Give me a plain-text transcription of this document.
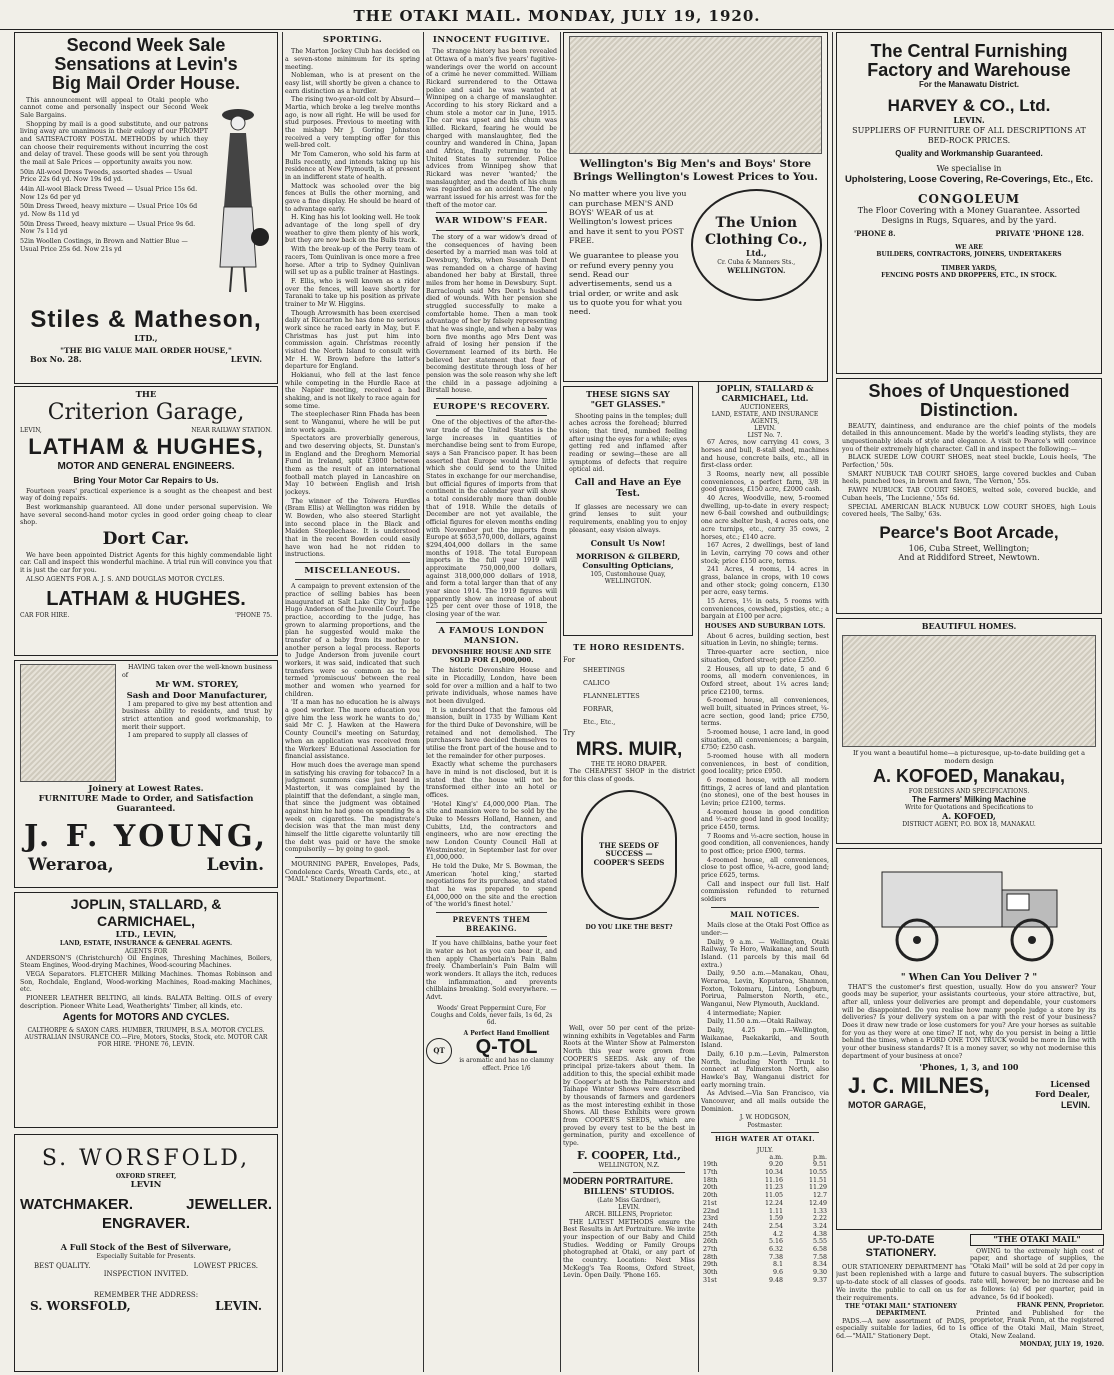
THE OTAKI MAIL. MONDAY, JULY 19, 1920.
Second Week Sale
Sensations at Levin's
Big Mail Order House.

This announcement will appeal to Otaki people who cannot come and personally inspect our Second Week Sale Bargains.

Shopping by mail is a good substitute, and our patrons living away are unanimous in their eulogy of our PROMPT and SATISFACTORY POSTAL METHODS by which they can choose their requirements without incurring the cost and delay of travel. These goods will be sent you through the mail at Sale Prices — opportunity awaits you now.

50in All-wool Dress Tweeds, assorted shades — Usual Price 22s 6d yd. Now 19s 6d yd.
44in All-wool Black Dress Tweed — Usual Price 15s 6d. Now 12s 6d per yd
50in Dress Tweed, heavy mixture — Usual Price 10s 6d yd. Now 8s 11d yd
50in Dress Tweed, heavy mixture — Usual Price 9s 6d. Now 7s 11d yd
52in Woollen Costings, in Brown and Nattier Blue — Usual Price 25s 6d. Now 21s yd
Stiles & Matheson,
LTD.,
"THE BIG VALUE MAIL ORDER HOUSE,"
Box No. 28.	LEVIN.
THE
Criterion Garage,
LEVIN,	NEAR RAILWAY STATION.
LATHAM & HUGHES,
MOTOR AND GENERAL ENGINEERS.
Bring Your Motor Car Repairs to Us.

Fourteen years' practical experience is a sought as the cheapest and best way of doing repairs.

Best workmanship guaranteed. All done under personal supervision. We have several second-hand motor cycles in good order going cheap to clear shop.

Dort Car.

We have been appointed District Agents for this highly commendable light car. Call and inspect this wonderful machine. A trial run will convince you that it is just the car for you.

ALSO AGENTS FOR A. J. S. AND DOUGLAS MOTOR CYCLES.

LATHAM & HUGHES.
CAR FOR HIRE.	'PHONE 75.

HAVING taken over the well-known business of

Mr WM. STOREY,
Sash and Door Manufacturer,

I am prepared to give my best attention and business ability to residents, and trust by strict attention and good workmanship, to merit their support.

I am prepared to supply all classes of

Joinery at Lowest Rates.
FURNITURE Made to Order, and Satisfaction Guaranteed.
J. F. YOUNG,
Weraroa,	Levin.
JOPLIN, STALLARD, & CARMICHAEL,
LTD., LEVIN,
LAND, ESTATE, INSURANCE & GENERAL AGENTS.
AGENTS FOR

ANDERSON'S (Christchurch) Oil Engines, Threshing Machines, Boilers, Steam Engines, Wood-drying Machines, Wood-scouring Machines.

VEGA Separators. FLETCHER Milking Machines. Thomas Robinson and Son, Rochdale, England, Wood-working Machines, Road-making Machines, etc.

PIONEER LEATHER BELTING, all kinds. BALATA Belting. OILS of every description. Pioneer White Lead, Weatherights' Timber, all kinds, etc.

Agents for MOTORS AND CYCLES.
CALTHORPE & SAXON CARS. HUMBER, TRIUMPH, B.S.A. MOTOR CYCLES.
AUSTRALIAN INSURANCE CO.—Fire, Motors, Stocks, Stock, etc. MOTOR CAR FOR HIRE. 'PHONE 76, LEVIN.
S. WORSFOLD,
OXFORD STREET,
LEVIN
WATCHMAKER.	JEWELLER.
ENGRAVER.
A Full Stock of the Best of Silverware,
Especially Suitable for Presents.
BEST QUALITY.	LOWEST PRICES.
INSPECTION INVITED.
REMEMBER THE ADDRESS:
S. WORSFOLD,	LEVIN.
SPORTING.

The Marton Jockey Club has decided on a seven-stone minimum for its spring meeting.

Nobleman, who is at present on the easy list, will shortly be given a chance to earn distinction as a hurdler.

The rising two-year-old colt by Absurd—Martia, which broke a leg twelve months ago, is now all right. He will be used for stud purposes. Previous to meeting with the mishap Mr J. Goring Johnston received a very tempting offer for this well-bred colt.

Mr Tom Cameron, who sold his farm at Bulls recently, and intends taking up his residence at New Plymouth, is at present in an indifferent state of health.

Mattock was schooled over the big fences at Bulls the other morning, and gave a fine display. He should be heard of to advantage early.

H. King has his lot looking well. He took advantage of the long spell of dry weather to give them plenty of his work, but they are now back on the Bulls track.

With the break-up of the Perry team of racers, Tom Quinlivan is once more a free horse. After a trip to Sydney Quinlivan will set up as a public trainer at Hastings.

F. Ellis, who is well known as a rider over the fences, will leave shortly for Taranaki to take up his position as private trainer to Mr W. Higgins.

Though Arrowsmith has been exercised daily at Riccarton he has done no serious work since he raced early in May, but F. Christmas has just put him into commission again. Christmas recently visited the North Island to consult with Mr H. W. Brown before the latter's departure for England.

Hokianui, who fell at the last fence while competing in the Hurdle Race at the Napier meeting, received a bad shaking, and is not likely to race again for some time.

The steeplechaser Rinn Fhada has been sent to Wanganui, where he will be put into work again.

Spectators are proverbially generous, and two deserving objects, St. Dunstan's in England and the Dreghorn Memorial Fund in Ireland, split £3000 between them as the result of an international football match played in Lancashire on May 10 between English and Irish jockeys.

The winner of the Toiwera Hurdles (Bram Ellis) at Wellington was ridden by W. Bowden, who also steered Starlight into second place in the Black and Maiden Steeplechase. It is understood that in the recent Bowden could easily have won had he not ridden to instructions.

MISCELLANEOUS.

A campaign to prevent extension of the practice of selling babies has been inaugurated at Salt Lake City by Judge Hugo Anderson of the Juvenile Court. The practice, according to the judge, has grown to alarming proportions, and the plan he suggested would make the transfer of a baby from its mother to another person a legal process. Reports to Judge Anderson from juvenile court workers, it was said, indicated that such transfers were so common as to be termed 'promiscuous' between the real mother and women who yearned for children.

'If a man has no education he is always a good worker. The more education you give him the less work he wants to do,' said Mr C. J. Hawken at the Hawera County Council's meeting on Saturday, when an application was received from the Workers' Educational Association for financial assistance.

How much does the average man spend in satisfying his craving for tobacco? In a judgment summons case just heard in Masterton, it was complained by the plaintiff that the defendant, a single man, that since the judgment was obtained against him he had gone on spending 9s a week on cigarettes. The magistrate's decision was that the man must deny himself the little cigarette voluntarily till the debt was paid or have the smoke compulsorily — by going to gaol.

MOURNING PAPER, Envelopes, Pads, Condolence Cards, Wreath Cards, etc., at "MAIL" Stationery Department.

INNOCENT FUGITIVE.

The strange history has been revealed at Ottawa of a man's five years' fugitive-wanderings over the world on account of a crime he never committed. William Rickard surrendered to the Ottawa police and said he was wanted at Winnipeg on a charge of manslaughter. According to his story Rickard and a chum stole a motor car in June, 1915. The car was upset and his chum was killed. Rickard, fearing he would be charged with manslaughter, fled the country and wandered in China, Japan and Africa, finally returning to the United States to surrender. Police advices from Winnipeg show that Rickard was never 'wanted;' the manslaughter, and the death of his chum was regarded as an accident. The only warrant issued for his arrest was for the theft of the motor car.

WAR WIDOW'S FEAR.

The story of a war widow's dread of the consequences of having been deserted by a married man was told at Dewsbury, Yorks, when Susannah Dent was remanded on a charge of having abandoned her baby at Birstall, three miles from her home in Dewsbury. Supt. Barraclough said Mrs Dent's husband died of wounds. With her pension she struggled successfully to make a comfortable home. Then a man took advantage of her by falsely representing that he was single, and when a baby was born five months ago Mrs Dent was afraid of losing her pension if the Government learned of its birth. He believed her statement that fear of becoming destitute through loss of her pension was the sole reason why she left the child in a passage adjoining a Birstall house.

EUROPE'S RECOVERY.

One of the objectives of the after-the-war trade of the United States is the large increases in quantities of merchandise being sent to from Europe, says a San Francisco paper. It has been asserted that Europe would have little which she could send to the United States in exchange for our merchandise, but official figures of imports from that continent in the calendar year will show a total considerably more than double that of 1918. While the details of December are not yet available, the official figures for eleven months ending with November put the imports from Europe at $653,570,000, dollars, against $294,404,000 dollars in the same months of 1918. The total European imports in the full year 1919 will approximate 750,000,000 dollars, against 318,000,000 dollars of 1918, and form a total larger than that of any year since 1914. The 1919 figures will apparently show an increase of about 125 per cent over those of 1918, the closing year of the war.

A FAMOUS LONDON MANSION.
DEVONSHIRE HOUSE AND SITE SOLD FOR £1,000,000.

The historic Devonshire House and site in Piccadilly, London, have been sold for over a million and a half to two private individuals, whose names have not been divulged.

It is understood that the famous old mansion, built in 1735 by William Kent for the third Duke of Devonshire, will be retained and not demolished. The purchasers have decided themselves to utilise the front part of the house and to let the remainder for other purposes.

Exactly what scheme the purchasers have in mind is not disclosed, but it is stated that the house will not be transformed either into an hotel or offices.

'Hotel King's' £4,000,000 Plan. The site and mansion were to be sold by the Duke to Messrs Holland, Hannen, and Cubitts, Ltd, the contractors and engineers, who are now erecting the new London County Council Hall at Westminster, in September last for over £1,000,000.

He told the Duke, Mr S. Bowman, the American 'hotel king,' started negotiations for its purchase, and stated that he was prepared to spend £4,000,000 on the site and the erection of 'the world's finest hotel.'

PREVENTS THEM BREAKING.

If you have chilblains, bathe your feet in water as hot as you can bear it, and then apply Chamberlain's Pain Balm freely. Chamberlain's Pain Balm will work wonders. It allays the itch, reduces the inflammation, and prevents chilblains breaking. Sold everywhere. —Advt.

Woods' Great Peppermint Cure, For Coughs and Colds, never fails, 1s 6d, 2s 6d.
QT
A Perfect Hand Emollient
Q-TOL
is aromatic and has no clammy effect. Price 1/6
Wellington's Big Men's and Boys' Store Brings Wellington's Lowest Prices to You.
No matter where you live you can purchase MEN'S AND BOYS' WEAR of us at Wellington's lowest prices and have it sent to you POST FREE.
We guarantee to please you or refund every penny you send. Read our advertisements, send us a trial order, or write and ask us to quote you for what you need.
The Union
Clothing Co.,
Ltd.,
Cr. Cuba & Manners Sts.,
WELLINGTON.
THESE SIGNS SAY
"GET GLASSES."

Shooting pains in the temples; dull aches across the forehead; blurred vision; that tired, numbed feeling after using the eyes for a while; eyes getting red and inflamed after reading or sewing—these are all symptoms of defects that require optical aid.

Call and Have an Eye Test.

If glasses are necessary we can grind lenses to suit your requirements, enabling you to enjoy pleasant, easy vision always.

Consult Us Now!
MORRISON & GILBERD,
Consulting Opticians,
105, Customhouse Quay, WELLINGTON.
TE HORO RESIDENTS.
For
SHEETINGS
CALICO
FLANNELETTES
FORFAR,
Etc., Etc.,
Try
MRS. MUIR,
THE TE HORO DRAPER.

The CHEAPEST SHOP in the district for this class of goods.

THE SEEDS OF SUCCESS — COOPER'S SEEDS
DO YOU LIKE THE BEST?

Well, over 50 per cent of the prize-winning exhibits in Vegetables and Farm Roots at the Winter Show at Palmerston North this year were grown from COOPER'S SEEDS. Ask any of the principal prize-takers about them. In addition to this, the special exhibit made by Cooper's at both the Palmerston and Taihape Winter Shows were described by thousands of farmers and gardeners as the most interesting exhibit in those Shows. All these Exhibits were grown from COOPER'S SEEDS, which are proved by every test to be the best in germination, purity and excellence of type.

F. COOPER, Ltd.,
WELLINGTON, N.Z.
MODERN PORTRAITURE.
BILLENS' STUDIOS.
(Late Miss Gardner),
LEVIN.
ARCH. BILLENS, Proprietor.

THE LATEST METHODS ensure the Best Results in Art Portraiture. We invite your inspection of our Baby and Child Studies. Wedding or Family Groups photographed at Otaki, or any part of the country. Location: Next Miss McKegg's Tea Rooms, Oxford Street, Levin. Open Daily. 'Phone 165.

JOPLIN, STALLARD & CARMICHAEL, Ltd.
AUCTIONEERS,
LAND, ESTATE, AND INSURANCE AGENTS,
LEVIN.
LIST No. 7.

67 Acres, now carrying 41 cows, 3 horses and bull, 8-stall shed, machines and house, concrete bails, etc., all in first-class order.

3 Rooms, nearly new, all possible conveniences, a perfect farm, 3/8 in good grasses, £150 acre, £2000 cash.

40 Acres, Woodville, new, 5-roomed dwelling, up-to-date in every respect; new 6-bail cowshed and outbuildings; one acre shelter bush, 4 acres oats, one acre turnips, etc., carry 35 cows, 2 horses, etc.; £140 acre.

167 Acres, 2 dwellings, best of land in Levin, carrying 70 cows and other stock; price £150 acre, terms.

241 Acres, 4 rooms, 14 acres in grass, balance in crops, with 10 cows and other stock; going concern, £130 per acre, easy terms.

15 Acres, 1½ in oats, 5 rooms with conveniences, cowshed, pigsties, etc.; a bargain at £100 per acre.

HOUSES AND SUBURBAN LOTS.

About 6 acres, building section, best situation in Levin, no shingle; terms.

Three-quarter acre section, nice situation, Oxford street; price £250.

2 Houses, all up to date, 5 and 6 rooms, all modern conveniences, in Oxford street, about 1¼ acres land; price £2100, terms.

6-roomed house, all conveniences, well built, situated in Princes street, ¼-acre section, good land; price £750, terms.

5-roomed house, 1 acre land, in good situation, all conveniences; a bargain, £750; £250 cash.

5-roomed house with all modern conveniences, in best of condition, good locality; price £950.

6 roomed house, with all modern fittings, 2 acres of land and plantation (no stones), one of the best houses in Levin; price £2100, terms.

4-roomed house in good condition and ½-acre good land in good locality; price £450, terms.

7 Rooms and ½-acre section, house in good condition, all conveniences, handy to post office; price £900, terms.

4-roomed house, all conveniences, close to post office, ¼-acre, good land; price £625, terms.

Call and inspect our full list. Half commission refunded to returned soldiers

MAIL NOTICES.

Mails close at the Otaki Post Office as under:—

Daily, 9 a.m. — Wellington, Otaki Railway, Te Horo, Waikanae, and South Island. (11 parcels by this mail 6d extra.)

Daily, 9.50 a.m.—Manakau, Ohau, Weraroa, Levin, Koputaroa, Shannon, Foxton, Tokomaru, Linton, Longburn, Porirua, Palmerston North, etc., Wanganui, New Plymouth, Auckland.

4 intermediate; Napier.

Daily, 11.50 a.m.—Otaki Railway.

Daily, 4.25 p.m.—Wellington, Waikanae, Paekakariki, and South Island.

Daily, 6.10 p.m.—Levin, Palmerston North, including North Trunk to connect at Palmerston North, also Hawke's Bay, Wanganui district for early morning train.

As Advised.—Via San Francisco, via Vancouver, and all mails outside the Dominion.

J. W. HODGSON,
Postmaster.
HIGH WATER AT OTAKI.
JULY.
	a.m.	p.m.
19th	9.20	9.51
17th	10.34	10.55
18th	11.16	11.51
20th	11.23	11.29
20th	11.05	12.7
21st	12.24	12.49
22nd	1.11	1.33
23rd	1.59	2.22
24th	2.54	3.24
25th	4.2	4.38
26th	5.16	5.55
27th	6.32	6.58
28th	7.38	7.58
29th	8.1	8.34
30th	9.6	9.30
31st	9.48	9.37
The Central Furnishing
Factory and Warehouse
For the Manawatu District.
HARVEY & CO., Ltd.
LEVIN.
SUPPLIERS OF FURNITURE OF ALL DESCRIPTIONS AT BED-ROCK PRICES.
Quality and Workmanship Guaranteed.
We specialise in
Upholstering, Loose Covering, Re-Coverings, Etc., Etc.
CONGOLEUM
The Floor Covering with a Money Guarantee. Assorted Designs in Rugs, Squares, and by the yard.
'PHONE 8.	PRIVATE 'PHONE 128.
WE ARE
BUILDERS, CONTRACTORS, JOINERS, UNDERTAKERS
TIMBER YARDS,
FENCING POSTS AND DROPPERS, ETC., IN STOCK.
Shoes of Unquestioned
Distinction.

BEAUTY, daintiness, and endurance are the chief points of the models detailed in this announcement. Made by the world's leading stylists, they are unquestionably ideals of style and elegance. A visit to Pearce's will convince you of their extremely high character. Call in and inspect the following:—

BLACK SUEDE LOW COURT SHOES, neat steel buckle, Louis heels, 'The Perfection,' 50s.

SMART NUBUCK TAB COURT SHOES, large covered buckles and Cuban heels, punched toes, in brown and fawn, 'The Vernon,' 55s.

FAWN NUBUCK TAB COURT SHOES, welted sole, covered buckle, and Cuban heels, 'The Lucienne,' 55s 6d.

SPECIAL AMERICAN BLACK NUBUCK LOW COURT SHOES, high Louis covered heels, 'The Salby,' 63s.

Pearce's Boot Arcade,
106, Cuba Street, Wellington;
And at Riddiford Street, Newtown.
BEAUTIFUL HOMES.
If you want a beautiful home—a picturesque, up-to-date building get a modern design
A. KOFOED, Manakau,
FOR DESIGNS AND SPECIFICATIONS.
The Farmers' Milking Machine
Write for Quotations and Specifications to
A. KOFOED,
DISTRICT AGENT, P.O. BOX 18, MANAKAU.
" When Can You Deliver ? "

THAT'S the customer's first question, usually. How do you answer? Your goods may be superior, your assistants courteous, your store attractive, but, after all, unless your deliveries are prompt and dependable, your customers will be disappointed. Do you realise how many people judge a store by its deliveries? Is your delivery system on a par with the rest of your business? Does it draw new trade or lose customers for you? Are your horses as suitable for you as they were at one time? If not, why do you persist in being a little behind the times, when a FORD ONE TON TRUCK would be more in line with your other business standards? It is a money saver, so why not modernise this department of your business at once?

'Phones, 1, 3, and 100
J. C. MILNES,	Licensed
Ford Dealer,
MOTOR GARAGE,	LEVIN.
UP-TO-DATE
STATIONERY.

OUR STATIONERY DEPARTMENT has just been replenished with a large and up-to-date stock of all classes of goods. We invite the public to call on us for their requirements.

THE "OTAKI MAIL" STATIONERY DEPARTMENT.

PADS.—A new assortment of PADS, especially suitable for ladies, 6d to 1s 6d.—"MAIL" Stationery Dept.

"THE OTAKI MAIL"

OWING to the extremely high cost of paper, and shortage of supplies, the "Otaki Mail" will be sold at 2d per copy in future to casual buyers. The subscription rate will, however, be no increase and be as follows: (a) 6d per quarter, paid in advance, 5s 6d if booked).

FRANK PENN, Proprietor.

Printed and Published for the proprietor, Frank Penn, at the registered office of the Otaki Mail, Main Street, Otaki, New Zealand.

MONDAY, JULY 19, 1920.
